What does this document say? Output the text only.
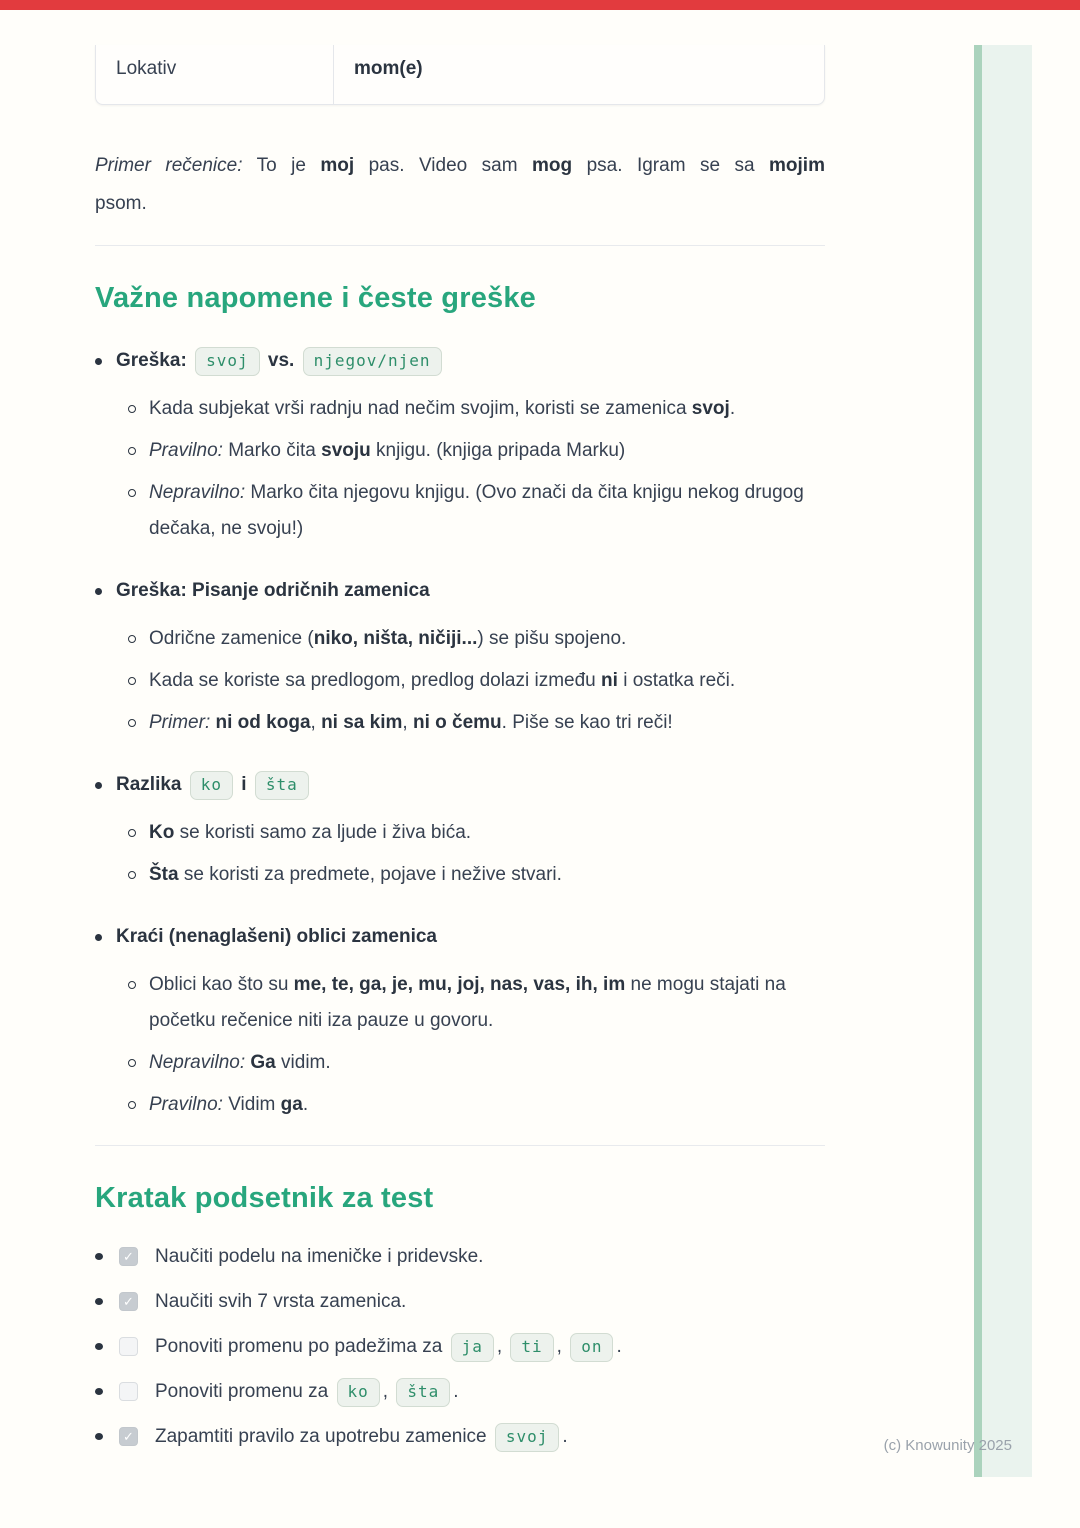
(c) Knowunity 2025
Lokativ	mom(e)

Primer rečenice: To je moj pas. Video sam mog psa. Igram se sa mojim psom.

Važne napomene i česte greške
Greška: svoj vs. njegov/njen
Kada subjekat vrši radnju nad nečim svojim, koristi se zamenica svoj.
Pravilno: Marko čita svoju knjigu. (knjiga pripada Marku)
Nepravilno: Marko čita njegovu knjigu. (Ovo znači da čita knjigu nekog drugog dečaka, ne svoju!)
Greška: Pisanje odričnih zamenica
Odrične zamenice (niko, ništa, ničiji...) se pišu spojeno.
Kada se koriste sa predlogom, predlog dolazi između ni i ostatka reči.
Primer: ni od koga, ni sa kim, ni o čemu. Piše se kao tri reči!
Razlika ko i šta
Ko se koristi samo za ljude i živa bića.
Šta se koristi za predmete, pojave i nežive stvari.
Kraći (nenaglašeni) oblici zamenica
Oblici kao što su me, te, ga, je, mu, joj, nas, vas, ih, im ne mogu stajati na početku rečenice niti iza pauze u govoru.
Nepravilno: Ga vidim.
Pravilno: Vidim ga.
Kratak podsetnik za test
✓ Naučiti podelu na imeničke i pridevske.
✓ Naučiti svih 7 vrsta zamenica.
Ponoviti promenu po padežima za ja , ti , on .
Ponoviti promenu za ko , šta .
✓ Zapamtiti pravilo za upotrebu zamenice svoj .
